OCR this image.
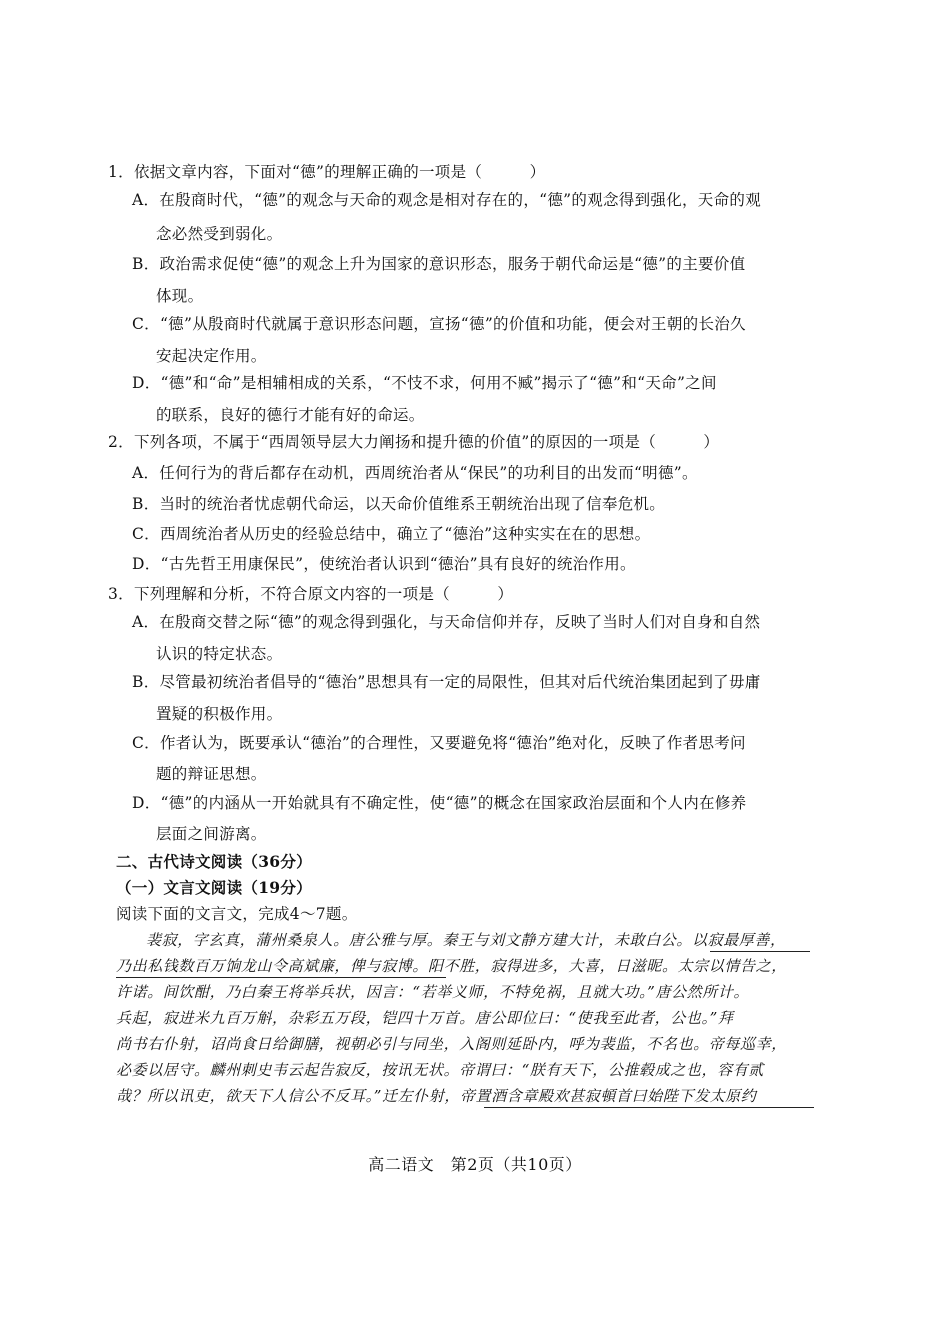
1．依据文章内容，下面对“德”的理解正确的一项是（　　　）
A．在殷商时代，“德”的观念与天命的观念是相对存在的，“德”的观念得到强化，天命的观
念必然受到弱化。
B．政治需求促使“德”的观念上升为国家的意识形态，服务于朝代命运是“德”的主要价值
体现。
C．“德”从殷商时代就属于意识形态问题，宣扬“德”的价值和功能，便会对王朝的长治久
安起决定作用。
D．“德”和“命”是相辅相成的关系，“不忮不求，何用不臧”揭示了“德”和“天命”之间
的联系，良好的德行才能有好的命运。
2．下列各项，不属于“西周领导层大力阐扬和提升德的价值”的原因的一项是（　　　）
A．任何行为的背后都存在动机，西周统治者从“保民”的功利目的出发而“明德”。
B．当时的统治者忧虑朝代命运，以天命价值维系王朝统治出现了信奉危机。
C．西周统治者从历史的经验总结中，确立了“德治”这种实实在在的思想。
D．“古先哲王用康保民”，使统治者认识到“德治”具有良好的统治作用。
3．下列理解和分析，不符合原文内容的一项是（　　　）
A．在殷商交替之际“德”的观念得到强化，与天命信仰并存，反映了当时人们对自身和自然
认识的特定状态。
B．尽管最初统治者倡导的“德治”思想具有一定的局限性，但其对后代统治集团起到了毋庸
置疑的积极作用。
C．作者认为，既要承认“德治”的合理性，又要避免将“德治”绝对化，反映了作者思考问
题的辩证思想。
D．“德”的内涵从一开始就具有不确定性，使“德”的概念在国家政治层面和个人内在修养
层面之间游离。
二、古代诗文阅读（36分）
（一）文言文阅读（19分）
阅读下面的文言文，完成4～7题。
裴寂，字玄真，蒲州桑泉人。唐公雅与厚。秦王与刘文静方建大计，未敢白公。以寂最厚善，
乃出私钱数百万饷龙山令高斌廉，俾与寂博。阳不胜，寂得进多，大喜，日滋昵。太宗以情告之，
许诺。间饮酣，乃白秦王将举兵状，因言：“若举义师，不特免祸，且就大功。”唐公然所计。
兵起，寂进米九百万斛，杂彩五万段，铠四十万首。唐公即位曰：“使我至此者，公也。”拜
尚书右仆射，诏尚食日给御膳，视朝必引与同坐，入阁则延卧内，呼为裴监，不名也。帝每巡幸，
必委以居守。麟州刺史韦云起告寂反，按讯无状。帝谓曰：“朕有天下，公推毂成之也，容有贰
哉？所以讯吏，欲天下人信公不反耳。”迁左仆射，帝置酒含章殿欢甚寂頓首曰始陛下发太原约
高二语文　第2页（共10页）
